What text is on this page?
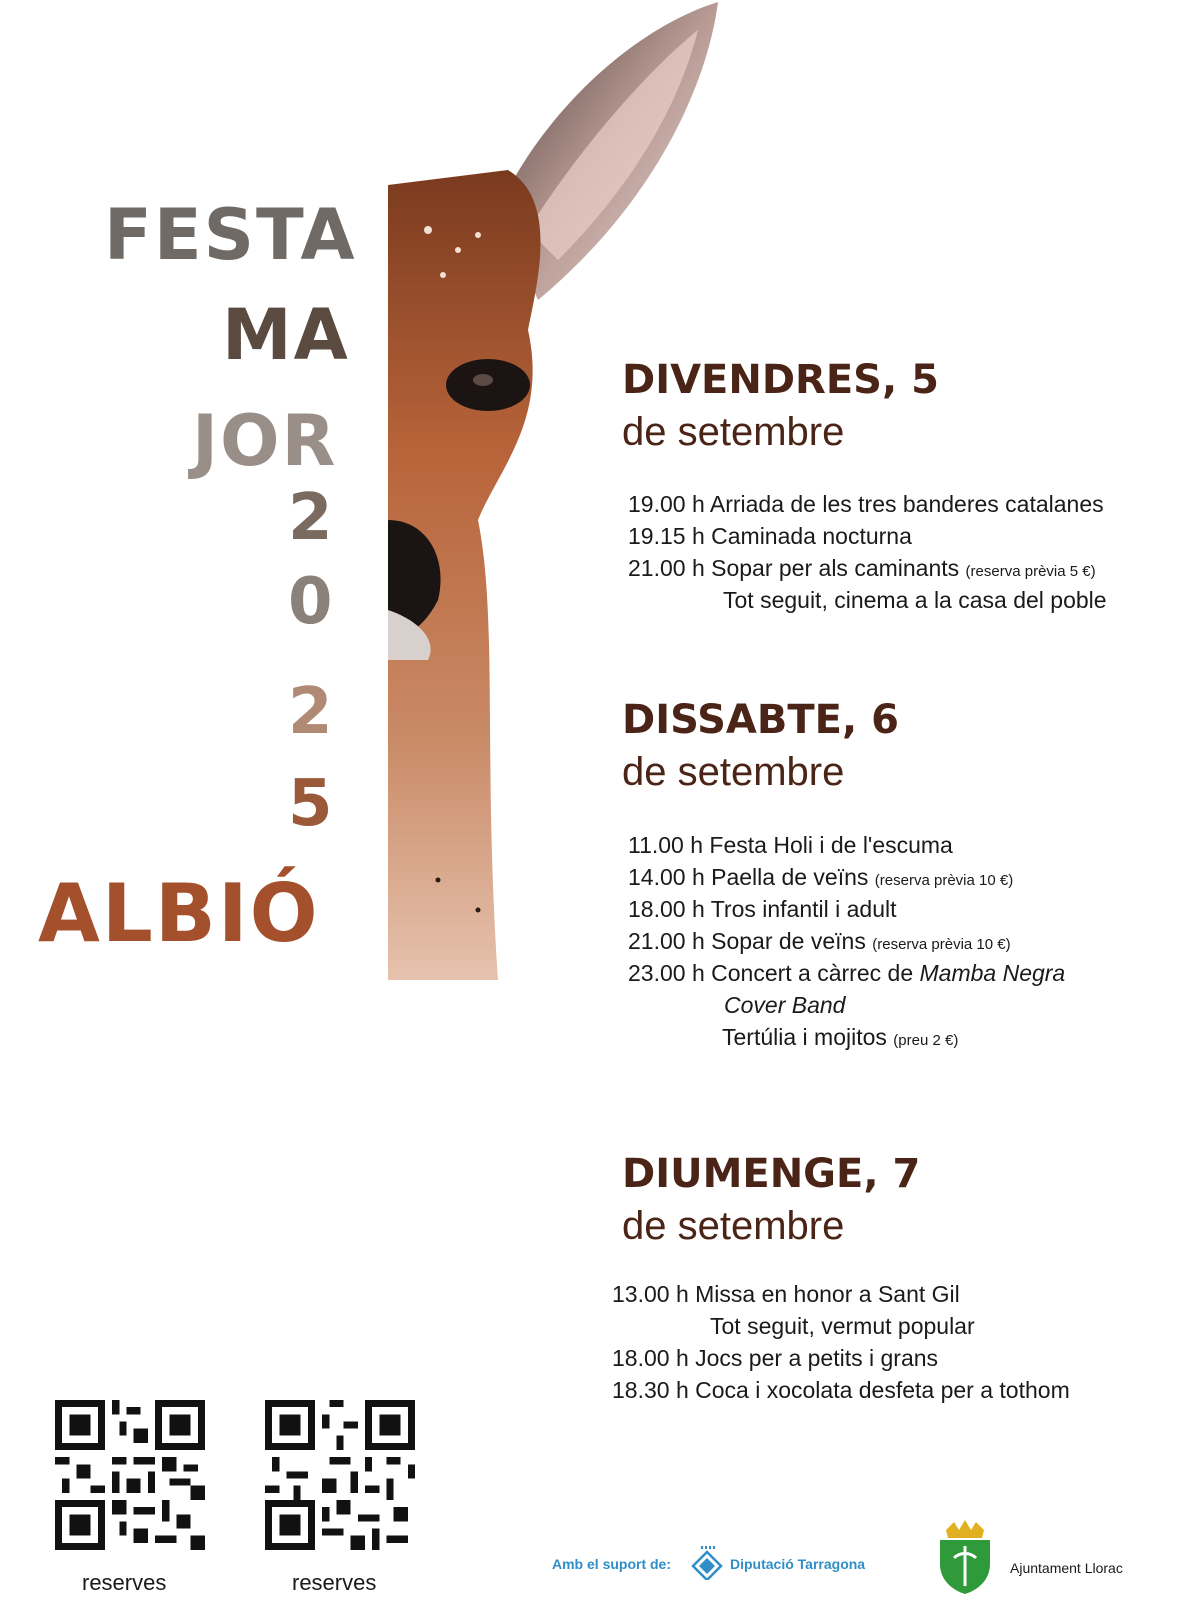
FESTA
MA
JOR
2
0
2
5
ALBIÓ
DIVENDRES, 5
de setembre
19.00 h Arriada de les tres banderes catalanes
19.15 h Caminada nocturna
21.00 h Sopar per als caminants (reserva prèvia 5 €)
Tot seguit, cinema a la casa del poble
DISSABTE, 6
de setembre
11.00 h Festa Holi i de l'escuma
14.00 h Paella de veïns (reserva prèvia 10 €)
18.00 h Tros infantil i adult
21.00 h Sopar de veïns (reserva prèvia 10 €)
23.00 h Concert a càrrec de Mamba Negra
Cover Band
Tertúlia i mojitos (preu 2 €)
DIUMENGE, 7
de setembre
13.00 h Missa en honor a Sant Gil
Tot seguit, vermut popular
18.00 h Jocs per a petits i grans
18.30 h Coca i xocolata desfeta per a tothom
reserves	reserves
Amb el suport de:	Diputació Tarragona	Ajuntament Llorac
